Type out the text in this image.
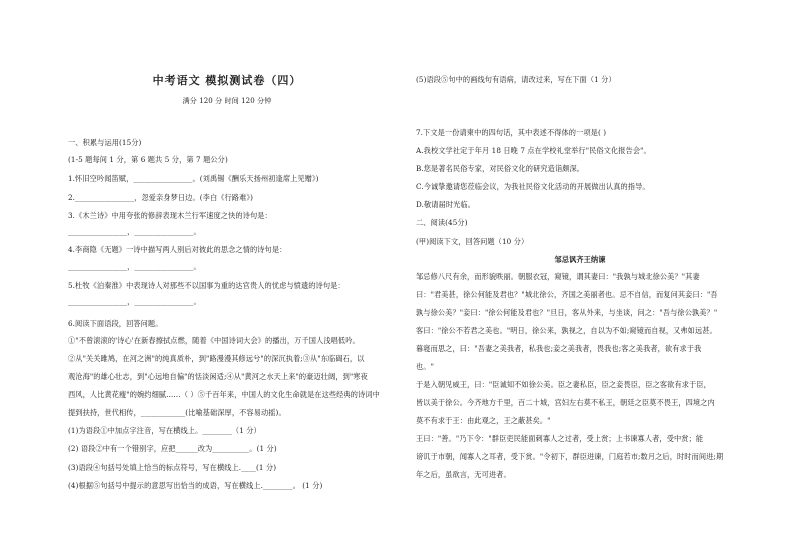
中考语文 模拟测试卷（四）
满分 120 分 时间 120 分钟
一、积累与运用(15分)
(1-5 题每间 1 分，第 6 题共 5 分，第 7 题公分)
1.怀旧空吟闻笛赋，________________。(刘禹锡《酬乐天扬州初逢席上见赠》)
2.________________，忽爱亲身梦日边。(李白《行路难》)
3.《木兰诗》中用夸张的修辞表现木兰行军速度之快的诗句是：
________________，________________。
4.李商隐《无题》一诗中描写两人别后对彼此的思念之情的诗句是：
________________，________________。
5.杜牧《泊秦淮》中表现诗人对那些不以国事为重的达官贵人的忧虑与愤遗的诗句是：
________________，________________。
6.阅读下面语段，回答问题。
①"不曾滚滚的'诗心'在新春擦拭点燃，随着《中国诗词大会》的播出，万千国人浅唱低吟。
②从"关关雎鸠，在河之洲"的纯真质朴，到"路漫漫其修远兮"的深沉执着;③从"东临碣石，以
观沧海"的雄心壮志，到"心远地自偏"的恬淡闲适;④从"黄河之水天上来"的豪迈壮阔，到"寒夜
西风，人比黄花瘦"的婉约细腻……（ ）⑤千百年来，中国人的文化生命就是在这些经典的诗词中
提到扶持，世代相传，____________(比喻基础深厚，不容易动摇)。
(1)为语段①中加点字注音，写在横线上。________（1 分）
(2) 语段②中有一个错别字，应把______改为__________。(1 分)
(3)语段④句括号处填上恰当的标点符号，写在横线上.____(1 分)
(4)根据⑤句括号中提示的意思写出恰当的成语，写在横线上.________。 (1 分)
(5)语段⑤句中的画线句有语病，请改过来，写在下面（1 分）
7.下文是一份请柬中的四句话，其中表述不得体的一项是( )
A.我校文学社定于年月 18 日晚 7 点在学校礼堂举行"民俗文化报告会"。
B.您是著名民俗专家，对民俗文化的研究造诣颇深。
C.今诚挚邀请您莅临会议，为我社民俗文化活动的开展做出认真的指导。
D.敬请届时光临。
二、阅读(45分)
(甲)阅读下文，回答问题（10 分）
邹忌讽齐王纳谏
邹忌修八尺有余，而形貌昳丽。朝服衣冠，窥镜，谓其妻曰："我孰与城北徐公美？"其妻
曰："君美甚，徐公何能及君也？"城北徐公，齐国之美丽者也。忌不自信，而复问其妾曰："吾
孰与徐公美？"妾曰："徐公何能及君也？"旦日，客从外来，与坐谈，问之："吾与徐公孰美？"
客曰："徐公不若君之美也。"明日，徐公来，孰视之，自以为不如;窥镜而自视，又弗如远甚。
暮寝而思之，曰："吾妻之美我者，私我也;妾之美我者，畏我也;客之美我者，欲有求于我
也。"
于是入朝见威王，曰："臣诚知不如徐公美。臣之妻私臣，臣之妾畏臣，臣之客欲有求于臣，
皆以美于徐公。今齐地方千里，百二十城，宫妇左右莫不私王，朝廷之臣莫不畏王，四境之内
莫不有求于王：由此观之，王之蔽甚矣。"
王曰："善。"乃下令："群臣吏民能面刺寡人之过者，受上赏；上书谏寡人者，受中赏；能
谤讥于市朝，闻寡人之耳者，受下赏。"令初下，群臣进谏，门庭若市;数月之后，时时而间进;期
年之后，虽欲言，无可进者。
